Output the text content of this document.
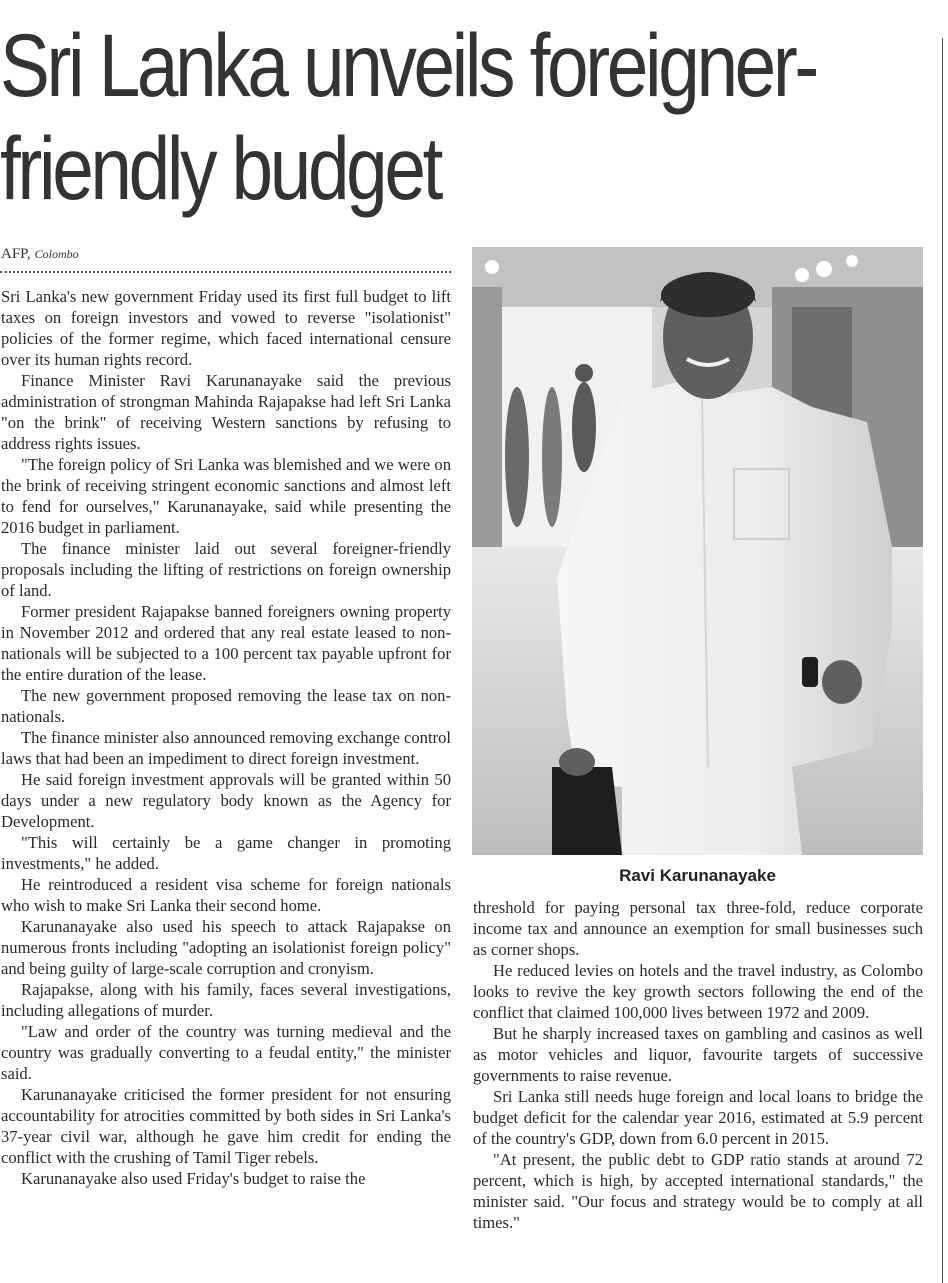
Sri Lanka unveils foreigner-
friendly budget
AFP, Colombo

Sri Lanka's new government Friday used its first full budget to lift taxes on foreign investors and vowed to reverse "isolationist" policies of the former regime, which faced international censure over its human rights record.

Finance Minister Ravi Karunanayake said the previous administration of strongman Mahinda Rajapakse had left Sri Lanka "on the brink" of receiving Western sanctions by refusing to address rights issues.

"The foreign policy of Sri Lanka was blemished and we were on the brink of receiving stringent economic sanctions and almost left to fend for ourselves," Karunanayake, said while presenting the 2016 budget in parliament.

The finance minister laid out several foreigner-friendly proposals including the lifting of restrictions on foreign ownership of land.

Former president Rajapakse banned foreigners owning property in November 2012 and ordered that any real estate leased to non-nationals will be subjected to a 100 percent tax payable upfront for the entire duration of the lease.

The new government proposed removing the lease tax on non-nationals.

The finance minister also announced removing exchange control laws that had been an impediment to direct foreign investment.

He said foreign investment approvals will be granted within 50 days under a new regulatory body known as the Agency for Development.

"This will certainly be a game changer in promoting investments," he added.

He reintroduced a resident visa scheme for foreign nationals who wish to make Sri Lanka their second home.

Karunanayake also used his speech to attack Rajapakse on numerous fronts including "adopting an isolationist foreign policy" and being guilty of large-scale corruption and cronyism.

Rajapakse, along with his family, faces several investigations, including allegations of murder.

"Law and order of the country was turning medieval and the country was gradually converting to a feudal entity," the minister said.

Karunanayake criticised the former president for not ensuring accountability for atrocities committed by both sides in Sri Lanka's 37-year civil war, although he gave him credit for ending the conflict with the crushing of Tamil Tiger rebels.

Karunanayake also used Friday's budget to raise the

Ravi Karunanayake

threshold for paying personal tax three-fold, reduce corporate income tax and announce an exemption for small businesses such as corner shops.

He reduced levies on hotels and the travel industry, as Colombo looks to revive the key growth sectors following the end of the conflict that claimed 100,000 lives between 1972 and 2009.

But he sharply increased taxes on gambling and casinos as well as motor vehicles and liquor, favourite targets of successive governments to raise revenue.

Sri Lanka still needs huge foreign and local loans to bridge the budget deficit for the calendar year 2016, estimated at 5.9 percent of the country's GDP, down from 6.0 percent in 2015.

"At present, the public debt to GDP ratio stands at around 72 percent, which is high, by accepted international standards," the minister said. "Our focus and strategy would be to comply at all times."
